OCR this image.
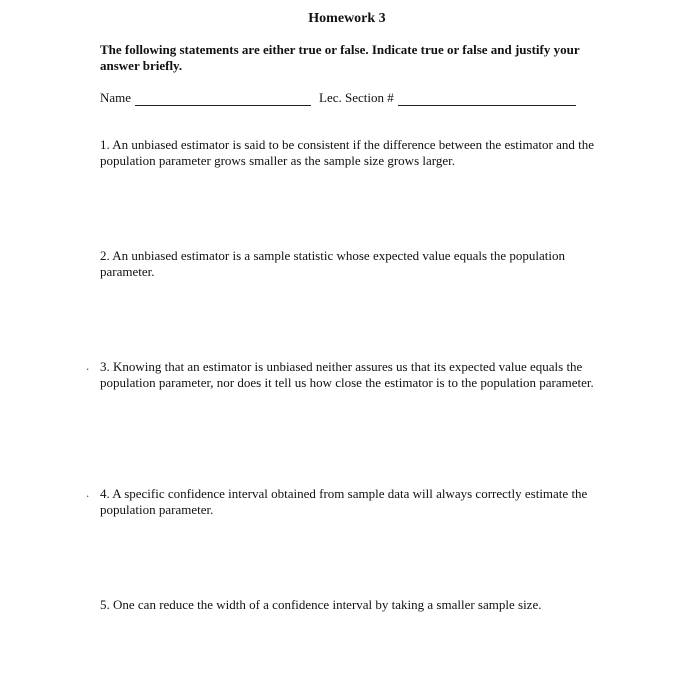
Homework 3
The following statements are either true or false. Indicate true or false and justify your answer briefly.
Name	Lec. Section #
1. An unbiased estimator is said to be consistent if the difference between the estimator and the population parameter grows smaller as the sample size grows larger.
2. An unbiased estimator is a sample statistic whose expected value equals the population parameter.
. 3. Knowing that an estimator is unbiased neither assures us that its expected value equals the population parameter, nor does it tell us how close the estimator is to the population parameter.
. 4. A specific confidence interval obtained from sample data will always correctly estimate the population parameter.
5. One can reduce the width of a confidence interval by taking a smaller sample size.
